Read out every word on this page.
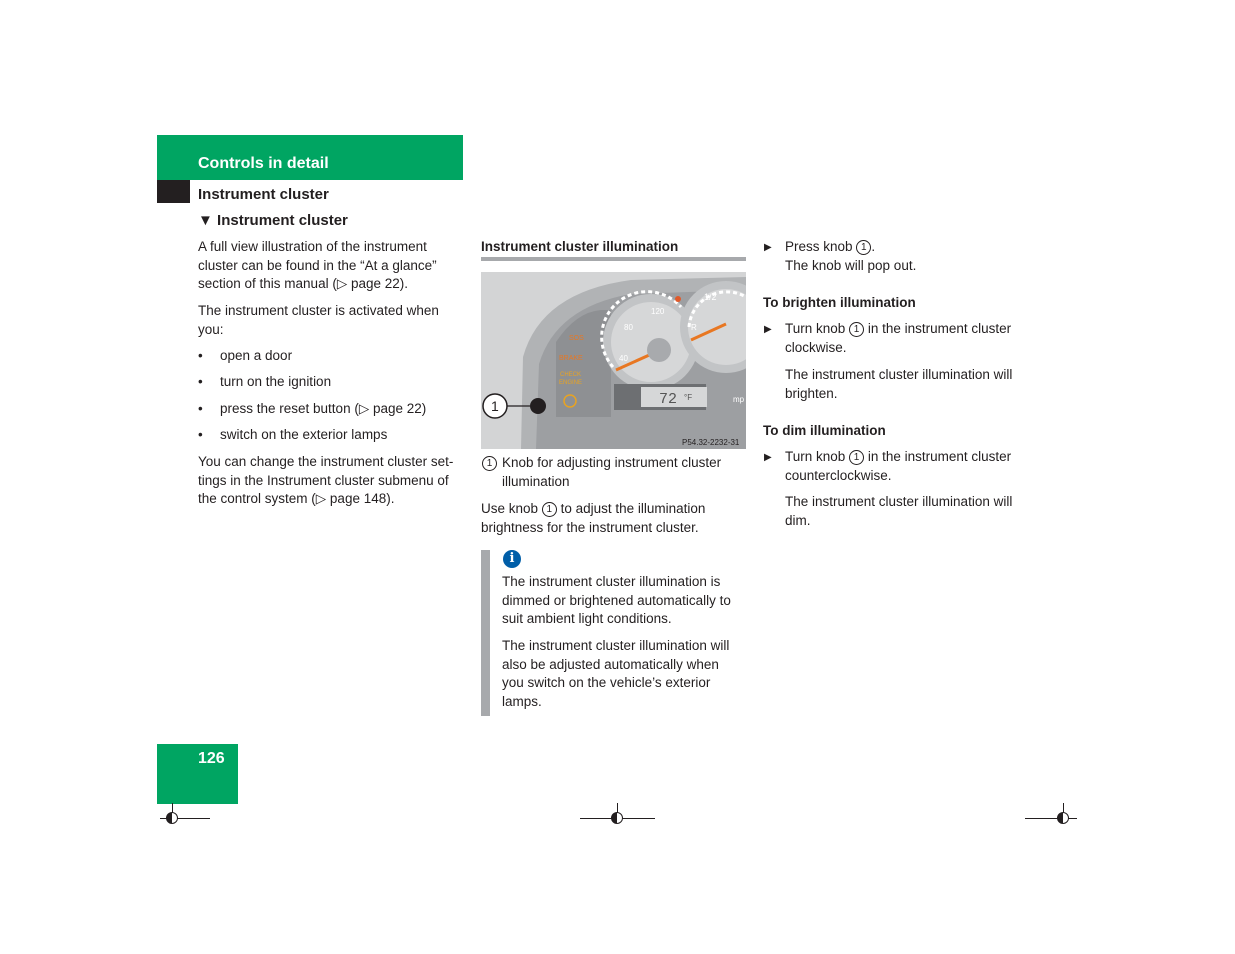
Controls in detail
Instrument cluster
▼ Instrument cluster
A full view illustration of the instrument
cluster can be found in the “At a glance”
section of this manual (▷ page 22).
The instrument cluster is activated when
you:
• open a door
• turn on the ignition
• press the reset button (▷ page 22)
• switch on the exterior lamps
You can change the instrument cluster set-
tings in the Instrument cluster submenu of
the control system (▷ page 148).
Instrument cluster illumination
120
80
40
1/2
R
SOS
BRAKE
CHECK
ENGINE
72 °F	mp
1
P54.32-2232-31
1 Knob for adjusting instrument cluster
illumination
Use knob 1 to adjust the illumination
brightness for the instrument cluster.
i
The instrument cluster illumination is
dimmed or brightened automatically to
suit ambient light conditions.
The instrument cluster illumination will
also be adjusted automatically when
you switch on the vehicle’s exterior
lamps.
▶ Press knob 1 .
The knob will pop out.
To brighten illumination
▶ Turn knob 1 in the instrument cluster
clockwise.
The instrument cluster illumination will
brighten.
To dim illumination
▶ Turn knob 1 in the instrument cluster
counterclockwise.
The instrument cluster illumination will
dim.
126
